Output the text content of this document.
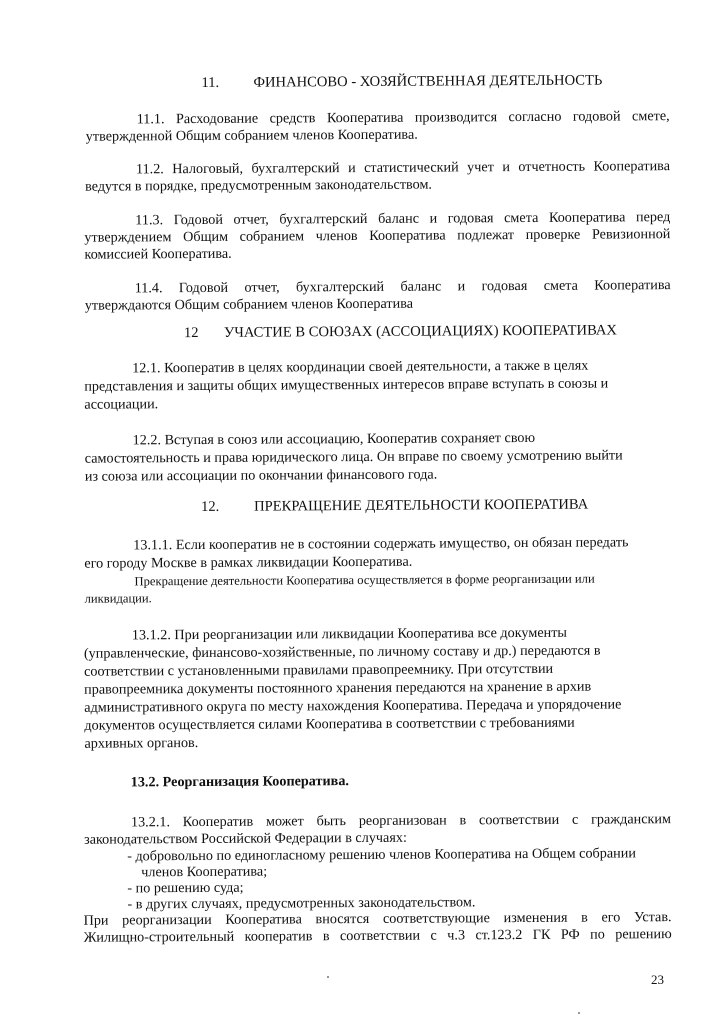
11. ФИНАНСОВО - ХОЗЯЙСТВЕННАЯ ДЕЯТЕЛЬНОСТЬ
11.1. Расходование средств Кооператива производится согласно годовой смете,
утвержденной Общим собранием членов Кооператива.
11.2. Налоговый, бухгалтерский и статистический учет и отчетность Кооператива
ведутся в порядке, предусмотренным законодательством.
11.3. Годовой отчет, бухгалтерский баланс и годовая смета Кооператива перед
утверждением Общим собранием членов Кооператива подлежат проверке Ревизионной
комиссией Кооператива.
11.4. Годовой отчет, бухгалтерский баланс и годовая смета Кооператива
утверждаются Общим собранием членов Кооператива
12 УЧАСТИЕ В СОЮЗАХ (АССОЦИАЦИЯХ) КООПЕРАТИВАХ
12.1. Кооператив в целях координации своей деятельности, а также в целях
представления и защиты общих имущественных интересов вправе вступать в союзы и
ассоциации.
12.2. Вступая в союз или ассоциацию, Кооператив сохраняет свою
самостоятельность и права юридического лица. Он вправе по своему усмотрению выйти
из союза или ассоциации по окончании финансового года.
12. ПРЕКРАЩЕНИЕ ДЕЯТЕЛЬНОСТИ КООПЕРАТИВА
13.1.1. Если кооператив не в состоянии содержать имущество, он обязан передать
его городу Москве в рамках ликвидации Кооператива.
Прекращение деятельности Кооператива осуществляется в форме реорганизации или
ликвидации.
13.1.2. При реорганизации или ликвидации Кооператива все документы
(управленческие, финансово-хозяйственные, по личному составу и др.) передаются в
соответствии с установленными правилами правопреемнику. При отсутствии
правопреемника документы постоянного хранения передаются на хранение в архив
административного округа по месту нахождения Кооператива. Передача и упорядочение
документов осуществляется силами Кооператива в соответствии с требованиями
архивных органов.
13.2. Реорганизация Кооператива.
13.2.1. Кооператив может быть реорганизован в соответствии с гражданским
законодательством Российской Федерации в случаях:
- добровольно по единогласному решению членов Кооператива на Общем собрании
членов Кооператива;
- по решению суда;
- в других случаях, предусмотренных законодательством.
При реорганизации Кооператива вносятся соответствующие изменения в его Устав.
Жилищно-строительный кооператив в соответствии с ч.3 ст.123.2 ГК РФ по решению
23
